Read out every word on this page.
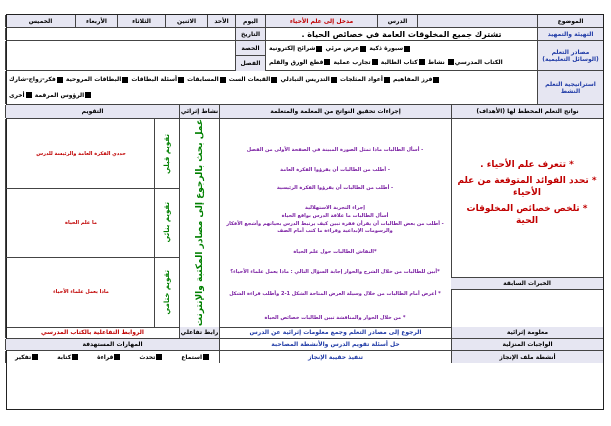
الموضوع
الدرس
مدخل إلى علم الأحياء
اليوم
الأحد
الاثنين
الثلاثاء
الأربعاء
الخميس
التهيئة والتمهيد
تشترك جميع المخلوقات العامة في خصائص الحياة .
التاريخ
مصادر التعلم (الوسائل التعليمية)
سبورة ذكية عرض مرئي شرائح إلكترونية
الكتاب المدرسي نشاط كتاب الطالبة تجارب عملية قطع الورق والقلم
الحصة
الفصل
استراتيجية التعلم النشط
فرز المفاهيم أعواد المثلجات التدريس التبادلي القبعات الست المسابقات أسئلة البطاقات البطاقات المروحية فكر-زواج-شارك
الرؤوس المرقمة أخرى
نواتج التعلم المخطط لها (الأهداف)
إجراءات تحقيق النواتج من المعلمة والمتعلمة
نشاط إثرائي
التقويم
* تتعرف علم الأحياء .
* تحدد الفوائد المتوقعة من علم الأحياء
* تلخص خصائص المخلوقات الحية
الخبرات السابقة
- أسأل الطالبات ماذا تمثل الصورة المبينة في الصفحة الأولى من الفصل
- أطلب من الطالبات أن يقرؤوا الفكرة العامة
- أطلب من الطالبات أن يقرؤوا الفكرة الرئيسية
إجراء التجربة الاستهلالية
أسأل الطالبات ما علاقة الدرس بواقع الحياة
- أطلب من بعض الطالبات أن يقرأن فقرة تبين كيف يرتبط الدرس بحياتهم وأشجع الأفكار والرسومات الإبداعية وقراءة ما كتب أمام الصف
*النقاش الطالبات حول علم الحياة
*أبين للطالبات من خلال الشرح والحوار إجابة السؤال التالي : ماذا يعمل علماء الأحياء؟
* أعرض أمام الطالبات من خلال وسيلة العرض المتاحة الشكل 1-2 وأطلب قراءة الشكل
* من خلال الحوار والمناقشة تبين الطالبات خصائص الحياة
عمل بحث بالرجوع إلى مصادر المكتبة والإنترنت
تقويم قبلي
تقويم بنائي
تقويم ختامي
حددي الفكرة العامة والرئيسة للدرس
ما علم الحياة
ماذا يعمل علماء الأحياء
معلومة إثرائية
الرجوع إلى مصادر التعلم وجمع معلومات إثرائية عن الدرس
رابط تفاعلي
الروابط التفاعلية بالكتاب المدرسي
الواجبات المنزلية
حل أسئلة تقويم الدرس والأنشطة المصاحبة
المهارات المستهدفة
أنشطة ملف الإنجاز
تنفيذ حقيبة الإنجاز
استماع
تحدث
قراءة
كتابة
تفكير
